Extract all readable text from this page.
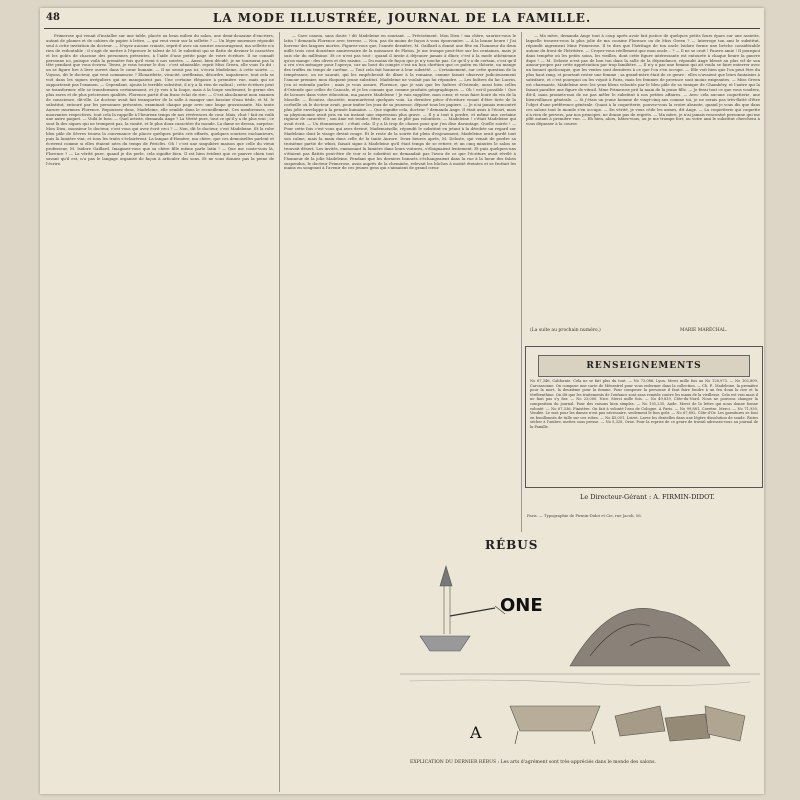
48	LA MODE ILLUSTRÉE, JOURNAL DE LA FAMILLE.

Primerose qui venait d'installer sur une table, placée au beau milieu du salon, une demi-douzaine d'encriers, autant de plumes et de cahiers de papier à lettre, — qui veut venir sur la sellette ? — Un léger murmure répondit seul à cette invitation du docteur. — N'ayez aucune crainte, reprit-il avec un sourire encourageant, ma sellette n'a rien de redoutable ; il s'agit de mettre à l'épreuve le talent de M. le substitut qui se flatte de deviner le caractère et les goûts de chacune des personnes présentes, à l'aide d'une petite page de votre écriture. Il ne connaît personne ici, puisque voilà la première fois qu'il vient à nos soirées. — Aussi, bien décidé, je ne tournerai pas la tête pendant que vous écrirez. Tenez, je vous tourne le dos : c'est admirable, reprit Miss Green, elle vous l'a dit : on se figure lire à livre ouvert dans le cœur humain. — Il ne serait pas ici, s'écria Madeleine, à cette soirée. — Voyons, dit le docteur, qui veut commencer ? Élouardette, vivacité, irréflexion, désordre, impatience, tout cela se voit dans les signes irréguliers qui ne manquaient pas. Une certaine élégance à première vue, mais qui ne supporterait pas l'examen. — Cependant, ajouta le terrible substitut, il n'y a là rien de radical ; cette écriture peut se transformer, elle se transformera certainement, et j'y vois à la loupe, mais à la loupe seulement, le germe des plus rares et de plus précieuses qualités. Florence partit d'un franc éclat de rire. — C'est absolument mon examen de conscience, dit-elle. Le docteur avait fait transporter de la salle à manger une bassine d'eau tiède, et M. le substitut, entouré par les personnes présentes, examinait chaque page avec une loupe grossissante. Ma tante Aurore murmura Florence. Repoussez donc, Madeleine, elle semble dans le recueillement. Ces nombreuses, ces mouvantes respectives, tout cela la rappelle à l'heureux temps de nos révérences de cour. Mais, chut ! fait en voilà une autre paquet. — Voilà le bois. — Quel artiste, demanda Ange ? La Vérité pure, tout ce qu'il y a de plus vrai ; ce sont là des signes qui ne trompent pas, la vanité, et le plus doux caractère du monde. La dame se dressa, surprise. Mon Dieu, monsieur le docteur, c'est vous qui avez écrit ceci ? — Non, dit le docteur, c'est Madeleine. Et la robe bleu pâle de Sévres trouva la convenance de placer quelques petits cris effarés, quelques sourires enchanteurs, puis la lumière vint, et tous les traits s'éclairèrent. La langue d'Homère, ma chère, que ces demoiselles parlent et écrivent comme si elles étaient nées du temps de Périclès. Oh ! c'est une singulière maison que celle du vieux professeur, M. Isidore Gaillard. Imaginez-vous que sa chère fille même parle latin ! — Que me conte-vous là, Florence ? — La vérité pure, quand je dis perle, cela signifie bien. Il est bien évident que ce pauvre chien tout savant qu'il est, n'a pas le langage organisé de façon à articuler des sons. Et ne vous donnez pas la peine de l'écrire.

— Cave canem, sans doute ! dit Madeleine en souriant. — Précisément. Mon Dieu ! ma chère, sauriez-vous le latin ? demanda Florence avec terreur. — Non, pas du moins de façon à vous épouvanter. — À la bonne heure ! J'ai horreur des langues mortes. Figurez-vous que, l'année dernière, M. Gaillard a donné une fête en l'honneur du deux mille trois cent douzième anniversaire de la naissance de Platon. Je me trompe peut-être sur les centaines, mais je suis sûr du millésime. Et ce n'est pas tout : quand il invite à déjeuner jamais à dîner, c'est à la mode athénienne qu'on mange : des olives et des raisins. — Du moins de façon que je n'y touche pas. Ce qu'il y a de certain, c'est qu'il a cru s'en ménager pour l'aperçu, car au bout du compte c'est un bon chrétien que ce païen en théorie, un mange des truffes en temps de carême. — Tout cela fait honneur à leur sobriété. — Certainement, sur cette question de la tempérance, on ne saurait, qui les empêcherait de dîner à la romaine, comme faisait observer judicieusement l'amour premier, mon éloquent jeune substitut. Madeleine ne voulait pas lui répondre. — Les huîtres du lac Lucrin, j'en ai entendu parler ; mais je vous assure, Florence, que je sais que les huîtres d'Ostende, aussi bien celles d'Ostende que celles de Cancale, et je les connais que comme produits géographiques. — Oh ! est-il possible ! Que de lacunes dans votre éducation, ma pauvre Madeleine ! Je vais suppléer, mon cœur, et vous faire boire du vin de la Moselle. — Écoutez, doucette, murmurèrent quelques voix. La dernière pièce d'écriture venait d'être tirée de la corbeille où le docteur avait, pour imiter les jeux de sa jeunesse, déposé tous les papiers. — Je n'ai jamais rencontré plus jolie enveloppe à la pensée humaine. — Que signifie cela, docteur ? demanda Ange. Il était assis à l'écart, mais sa physionomie avait pris en un instant une expression plus grave. — Il y a tout à perdre, et même une certaine rigueur de caractère ; son âme est tendre, fière, elle ne se plie pas volontiers. — Madeleine ! c'était Madeleine qui avait écrit. — Un étonnement : c'était cela. Il y a là trop de choses pour que j'en dise davantage. Quelle soirée ! — Pour cette fois c'est vous qui avez deviné, Mademoiselle, répondit le substitut en jetant à la dérobée un regard sur Madeleine dont le visage devint rouge. Et le reste de la soirée fut plein d'enjouement, Madeleine avait gardé tout son calme, mais la main dans celle de la tante Aurore. Deux heures après, M. Deloste, qui venait de perdre sa troisième partie de whist, faisait signe à Madeleine qu'il était temps de se retirer, et un cinq minutes le salon se trouvait désert. Les invités, emmenant la lumière dans leurs voitures, s'éloignaient lentement. Et puis quelques-uns s'étaient pas flattés peut-être de voir si le substitut ne demandait pas l'aveu de ce que l'écriture avait révélé à l'honneur de la jolie Madeleine. Pendant que les derniers bonnets s'échangeaient dans la rue à la lueur des falots suspendus, le docteur Primerose, assis auprès de la cheminée, relevait les bûches à moitié éteintes et se frottait les mains en songeant à l'avenir de ces jeunes gens qui s'aimaient de grand cœur.

— Ma mère, demanda Ange tout à coup après avoir fait justice de quelques petits fours épars sur une assiette, laquelle trouvez-vous la plus jolie de ma cousine Florence ou de Miss Green ? — Interroge ton ami le substitut, répondit aigrement Mme Primerose. Il te dira que l'héritage de ton oncle Isidore ferme une brèche considérable autour du front de l'héritière. — Croyez-vous réellement que mon oncle... ? — Il ne se croit ! Pauvre amie ! Il pourquoi dans tempête où les petits soins, les vieilles, dont cette figure intéressante est entourée à chaque heure la pauvre dupe ! — M. Deloste n'est pas de bon ton dans la salle de la dépendance, répondit Ange blessé au plus vif de son amour-propre par cette appréciation par trop familière. — Il n'y a pas une femme qui ait voulu se faire enterrer avec un bonnet quelconque, que les ventes sont dernières à ce que l'on s'en occupe. — Elle voit bien que l'on peut être du plus haut rang, et pourtant rester une femme ; sa grand-mère était de ce genre : elles n'avaient que leurs fantaisies à satisfaire, et c'est pourquoi on les voyait à Paris, mais les femmes de province sont moins exigeantes. — Miss Green est charmante, Madeleine avec les yeux bleus veloutés par le bleu pâle de sa tunique de Chambéry, et l'autre qui la faisait paraître une figure de vitrail. Mme Primerose prit la main de la jeune fille. — Je ferai tout ce que vous voudrez, dit-il, mais promets-moi de ne pas mêler le substitut à nos petites affaires. — Avec cela aucune coquetterie, une bienveillance générale. — Si j'étais un jeune homme de vingt-cinq ans comme toi, je ne serais pas très-flatté d'être l'objet d'une préférence générale. Quant à la coquetterie, pouvez-vous la croire absente, quand je vous dis que dans ces salons tout le monde s'en occupe. — En vérité, je vous cède les armes, dit Ange. — La coquetterie qui coquette n'a rien de pervers, par nos principes, ne donne pas de regrets. — Ma mère, je n'ai jamais rencontré personne qui me plût autant à première vue. — Eh bien, alors, hâtez-vous, ou je me trompe fort, ou votre ami le substitut cherchera à vous dépasser à la course.

(La suite au prochain numéro.)	MARIE MARÉCHAL.
RENSEIGNEMENTS
No 67,346, Californie. Cela ne se fait plus du tout. — No 73,086, Lyon. Merci mille fois au No 128,973. — No 105,809, Carcassonne. On compose une carte de Ménestrel pour vous enfermer dans la collection. — Ch. P., Madeleine, la première pour la mort, la deuxième pour la femme. Pour composer la personne il faut faire fondre à un feu doux la cire et la térébenthine. On dit que les traitements de l'enfance sont sans remède contre les maux de la vieillesse. Cela est vrai mais il ne faut pas s'y fier. — No 23,000, Nice. Merci mille fois. — No 49,839, Côte-du-Nord. Nous ne pouvons changer la composition du journal. Pour des raisons bien simples. — No 101,235, Aude. Merci de la lettre qui nous donne bonne volonté. — No 67,336, Finistère. On fait à volonté l'eau de Cologne. A Paris. — No 99,881, Corrèze. Merci. — No 71,930, Vendée. Le mot pour les dames n'est pas nécessaire, seulement le bon goût. — No 67,892, Côte-d'Or. Les garnitures se font en bouillonnés de tulle sur ces robes. — No 45,001, Loiret. Lavez les dentelles dans une légère dissolution de soude. Faites sécher à l'ombre, mettez sous presse. — No 5,328, Orne. Pour la reprise de ce genre de travail adressez-vous au journal de la Famille.
Le Directeur-Gérant : A. FIRMIN-DIDOT.
Paris. — Typographie de Firmin-Didot et Cie, rue Jacob, 56.
RÉBUS
ONE
A
EXPLICATION DU DERNIER RÉBUS : Les arts d'agrément sont très-appréciés dans le monde des salons.
